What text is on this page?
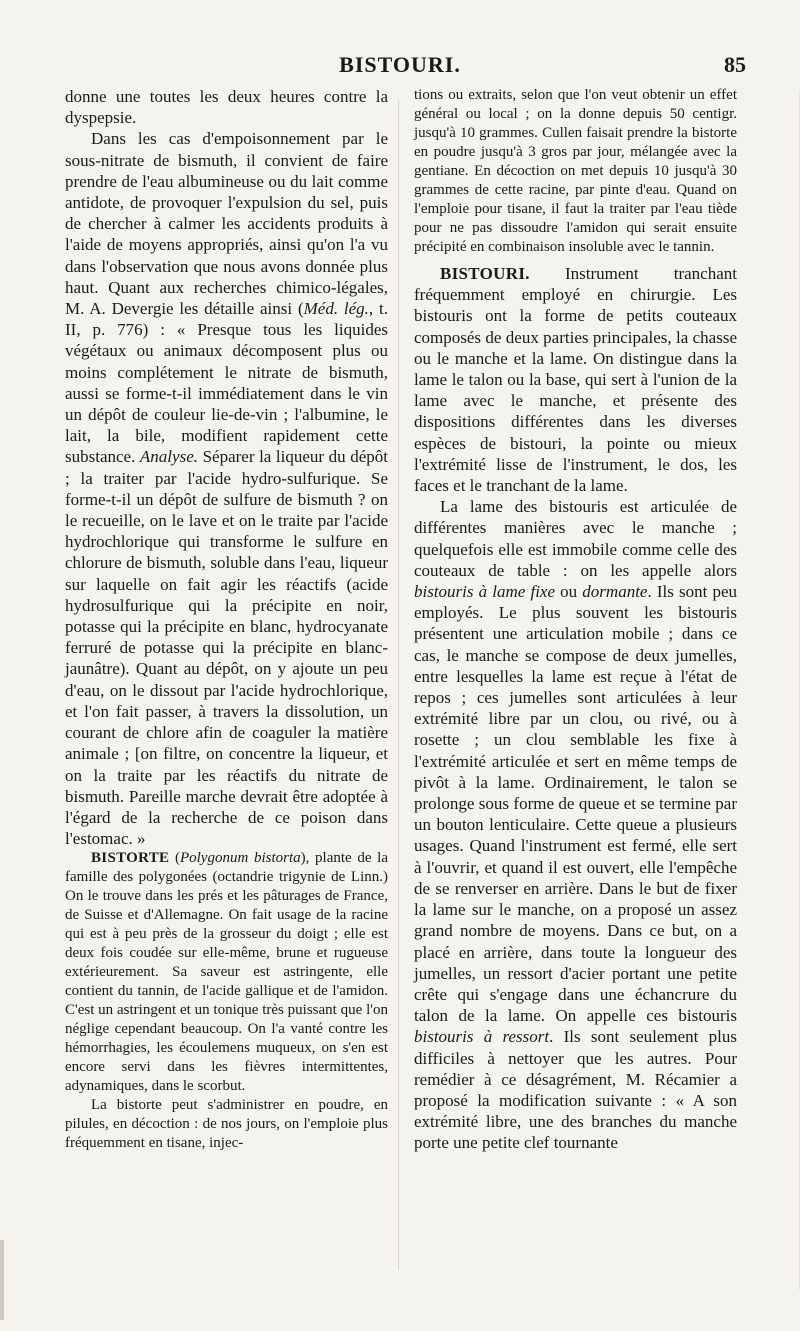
BISTOURI.	85

donne une toutes les deux heures contre la dyspepsie.

Dans les cas d'empoisonnement par le sous-nitrate de bismuth, il convient de faire prendre de l'eau albumineuse ou du lait comme antidote, de provoquer l'expulsion du sel, puis de chercher à calmer les accidents produits à l'aide de moyens appropriés, ainsi qu'on l'a vu dans l'observation que nous avons donnée plus haut. Quant aux recherches chimico-légales, M. A. Devergie les détaille ainsi (Méd. lég., t. II, p. 776) : « Presque tous les liquides végétaux ou animaux décomposent plus ou moins complétement le nitrate de bismuth, aussi se forme-t-il immédiatement dans le vin un dépôt de couleur lie-de-vin ; l'albumine, le lait, la bile, modifient rapidement cette substance. Analyse. Séparer la liqueur du dépôt ; la traiter par l'acide hydro-sulfurique. Se forme-t-il un dépôt de sulfure de bismuth ? on le recueille, on le lave et on le traite par l'acide hydrochlorique qui transforme le sulfure en chlorure de bismuth, soluble dans l'eau, liqueur sur laquelle on fait agir les réactifs (acide hydrosulfurique qui la précipite en noir, potasse qui la précipite en blanc, hydrocyanate ferruré de potasse qui la précipite en blanc-jaunâtre). Quant au dépôt, on y ajoute un peu d'eau, on le dissout par l'acide hydrochlorique, et l'on fait passer, à travers la dissolution, un courant de chlore afin de coaguler la matière animale ; [on filtre, on concentre la liqueur, et on la traite par les réactifs du nitrate de bismuth. Pareille marche devrait être adoptée à l'égard de la recherche de ce poison dans l'estomac. »

BISTORTE (Polygonum bistorta), plante de la famille des polygonées (octandrie trigynie de Linn.) On le trouve dans les prés et les pâturages de France, de Suisse et d'Allemagne. On fait usage de la racine qui est à peu près de la grosseur du doigt ; elle est deux fois coudée sur elle-même, brune et rugueuse extérieurement. Sa saveur est astringente, elle contient du tannin, de l'acide gallique et de l'amidon. C'est un astringent et un tonique très puissant que l'on néglige cependant beaucoup. On l'a vanté contre les hémorrhagies, les écoulemens muqueux, on s'en est encore servi dans les fièvres intermittentes, adynamiques, dans le scorbut.

La bistorte peut s'administrer en poudre, en pilules, en décoction : de nos jours, on l'emploie plus fréquemment en tisane, injec-

tions ou extraits, selon que l'on veut obtenir un effet général ou local ; on la donne depuis 50 centigr. jusqu'à 10 grammes. Cullen faisait prendre la bistorte en poudre jusqu'à 3 gros par jour, mélangée avec la gentiane. En décoction on met depuis 10 jusqu'à 30 grammes de cette racine, par pinte d'eau. Quand on l'emploie pour tisane, il faut la traiter par l'eau tiède pour ne pas dissoudre l'amidon qui serait ensuite précipité en combinaison insoluble avec le tannin.

BISTOURI. Instrument tranchant fréquemment employé en chirurgie. Les bistouris ont la forme de petits couteaux composés de deux parties principales, la chasse ou le manche et la lame. On distingue dans la lame le talon ou la base, qui sert à l'union de la lame avec le manche, et présente des dispositions différentes dans les diverses espèces de bistouri, la pointe ou mieux l'extrémité lisse de l'instrument, le dos, les faces et le tranchant de la lame.

La lame des bistouris est articulée de différentes manières avec le manche ; quelquefois elle est immobile comme celle des couteaux de table : on les appelle alors bistouris à lame fixe ou dormante. Ils sont peu employés. Le plus souvent les bistouris présentent une articulation mobile ; dans ce cas, le manche se compose de deux jumelles, entre lesquelles la lame est reçue à l'état de repos ; ces jumelles sont articulées à leur extrémité libre par un clou, ou rivé, ou à rosette ; un clou semblable les fixe à l'extrémité articulée et sert en même temps de pivôt à la lame. Ordinairement, le talon se prolonge sous forme de queue et se termine par un bouton lenticulaire. Cette queue a plusieurs usages. Quand l'instrument est fermé, elle sert à l'ouvrir, et quand il est ouvert, elle l'empêche de se renverser en arrière. Dans le but de fixer la lame sur le manche, on a proposé un assez grand nombre de moyens. Dans ce but, on a placé en arrière, dans toute la longueur des jumelles, un ressort d'acier portant une petite crête qui s'engage dans une échancrure du talon de la lame. On appelle ces bistouris bistouris à ressort. Ils sont seulement plus difficiles à nettoyer que les autres. Pour remédier à ce désagrément, M. Récamier a proposé la modification suivante : « A son extrémité libre, une des branches du manche porte une petite clef tournante
